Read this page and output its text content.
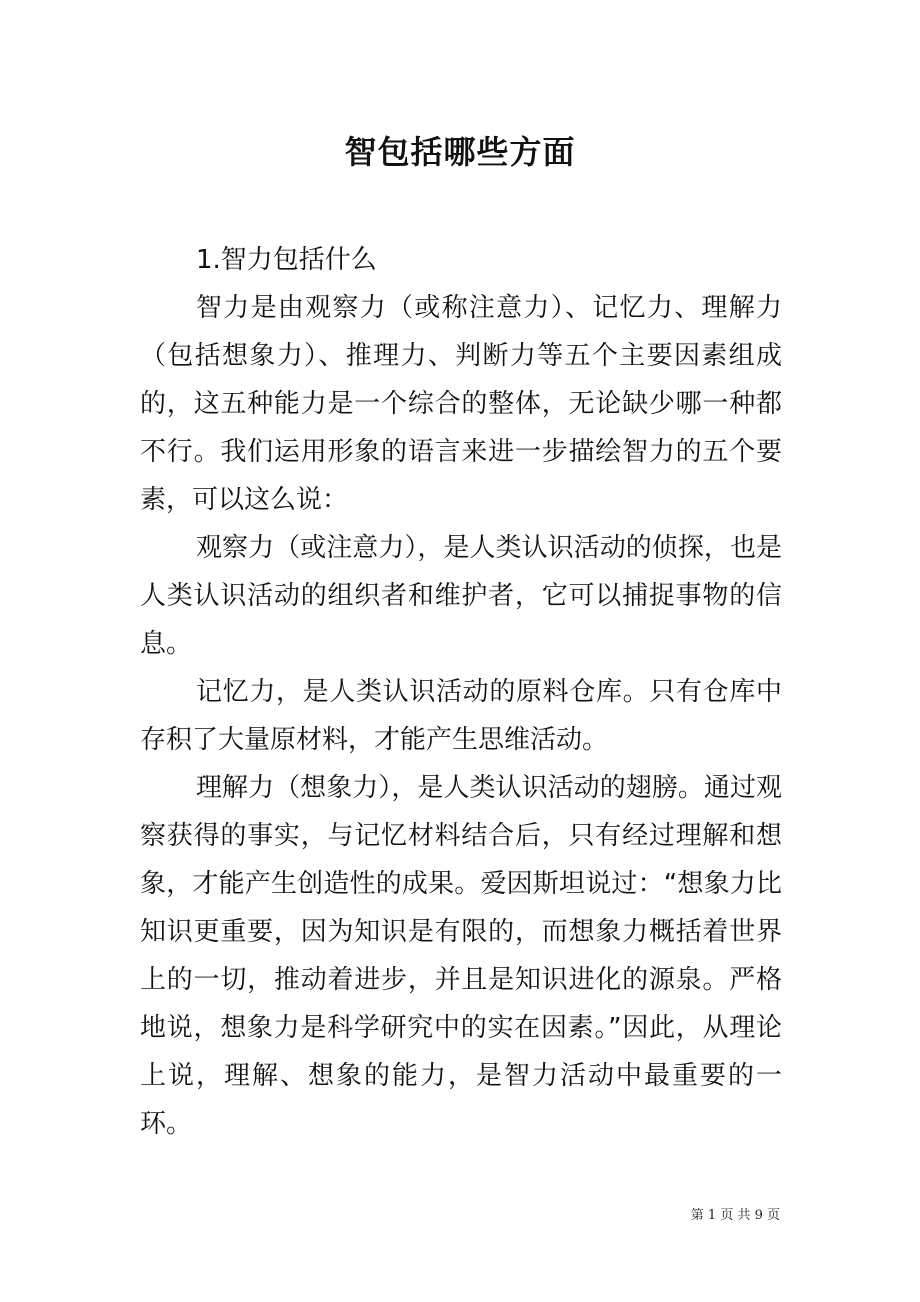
智包括哪些方面

1.智力包括什么

智力是由观察力（或称注意力）、记忆力、理解力（包括想象力）、推理力、判断力等五个主要因素组成的，这五种能力是一个综合的整体，无论缺少哪一种都不行。我们运用形象的语言来进一步描绘智力的五个要素，可以这么说：

观察力（或注意力），是人类认识活动的侦探，也是人类认识活动的组织者和维护者，它可以捕捉事物的信息。

记忆力，是人类认识活动的原料仓库。只有仓库中存积了大量原材料，才能产生思维活动。

理解力（想象力），是人类认识活动的翅膀。通过观察获得的事实，与记忆材料结合后，只有经过理解和想象，才能产生创造性的成果。爱因斯坦说过：“想象力比知识更重要，因为知识是有限的，而想象力概括着世界上的一切，推动着进步，并且是知识进化的源泉。严格地说，想象力是科学研究中的实在因素。”因此，从理论上说，理解、想象的能力，是智力活动中最重要的一环。

第 1 页 共 9 页
